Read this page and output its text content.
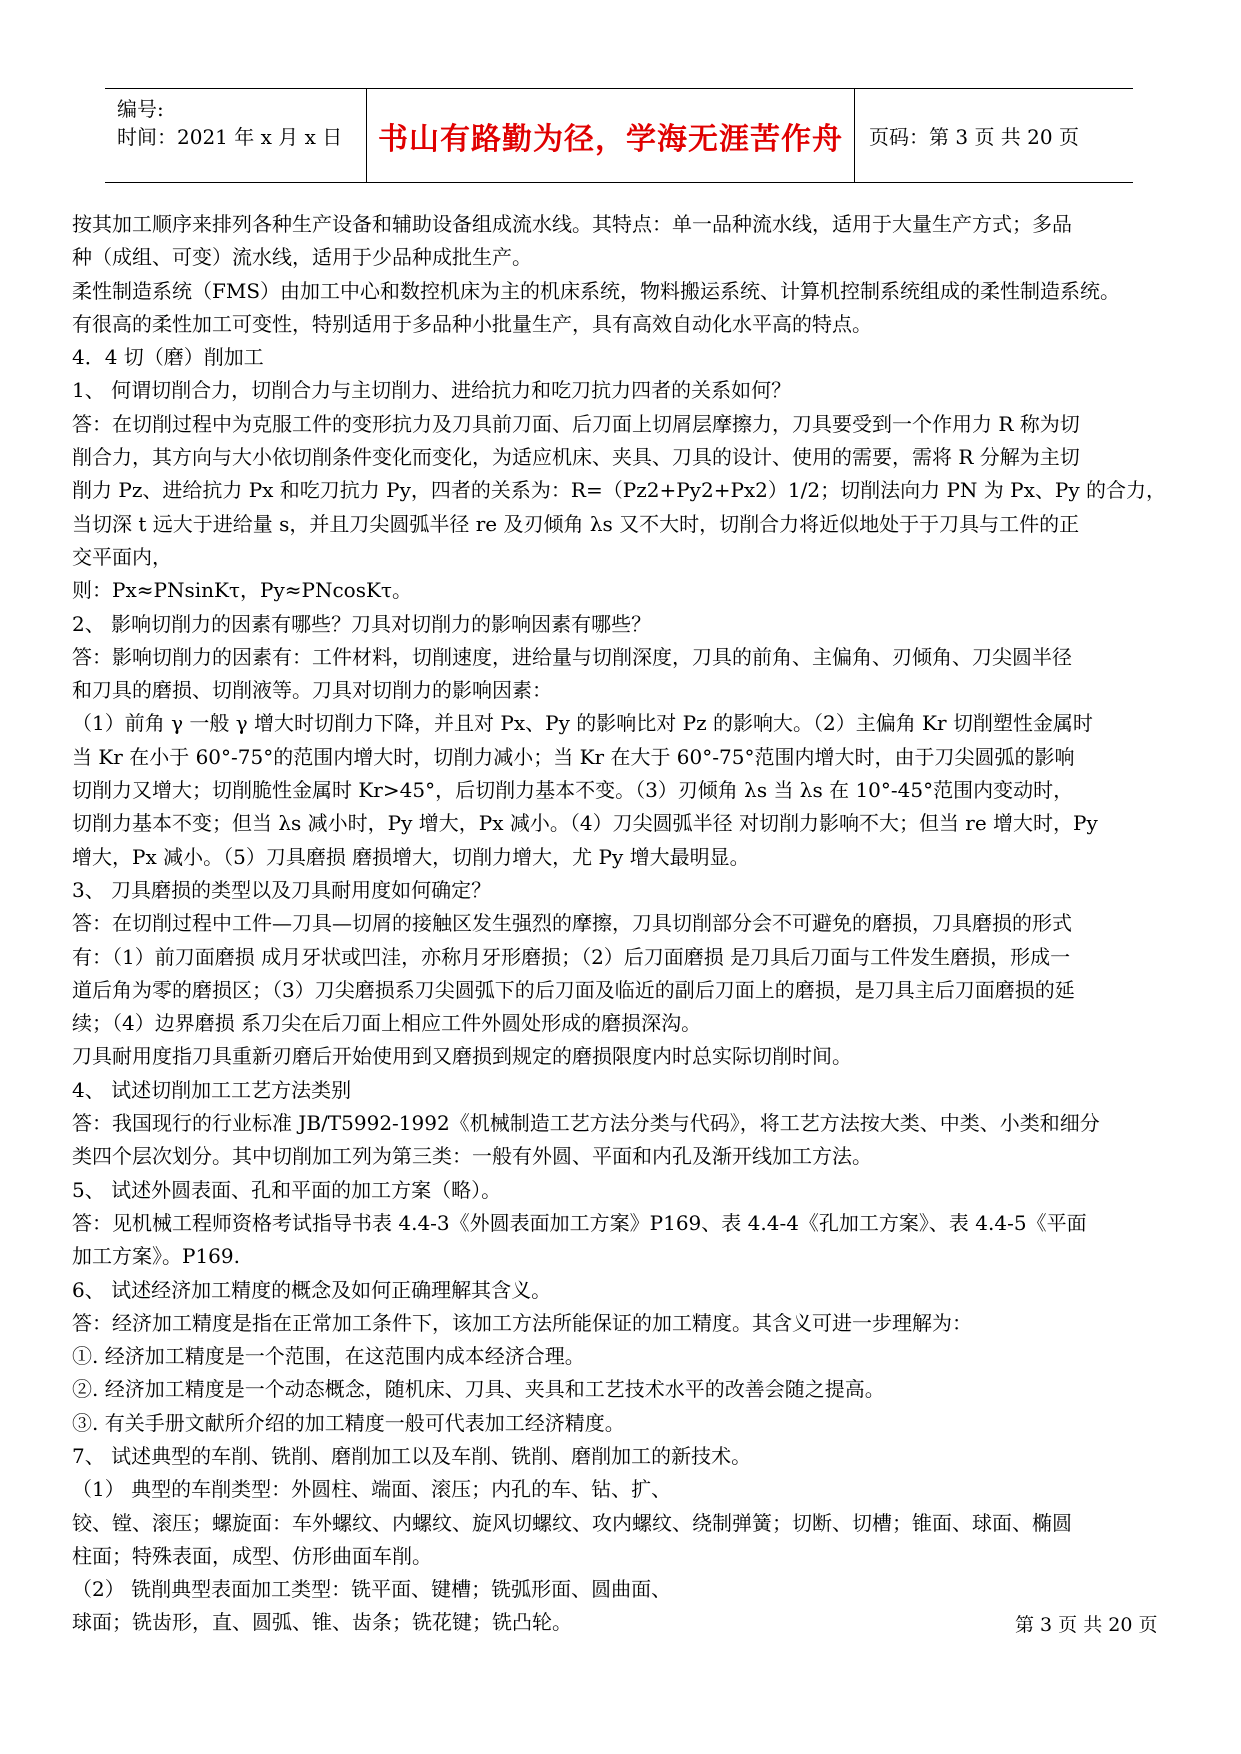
编号:
时间：2021 年 x 月 x 日	书山有路勤为径，学海无涯苦作舟 页码：第 3 页 共 20 页

按其加工顺序来排列各种生产设备和辅助设备组成流水线。其特点：单一品种流水线，适用于大量生产方式；多品

种（成组、可变）流水线，适用于少品种成批生产。

柔性制造系统（FMS）由加工中心和数控机床为主的机床系统，物料搬运系统、计算机控制系统组成的柔性制造系统。

有很高的柔性加工可变性，特别适用于多品种小批量生产，具有高效自动化水平高的特点。

4．4 切（磨）削加工

1、 何谓切削合力，切削合力与主切削力、进给抗力和吃刀抗力四者的关系如何？

答：在切削过程中为克服工件的变形抗力及刀具前刀面、后刀面上切屑层摩擦力，刀具要受到一个作用力 R 称为切

削合力，其方向与大小依切削条件变化而变化，为适应机床、夹具、刀具的设计、使用的需要，需将 R 分解为主切

削力 Pz、进给抗力 Px 和吃刀抗力 Py，四者的关系为：R=（Pz2+Py2+Px2）1/2；切削法向力 PN 为 Px、Py 的合力，

当切深 t 远大于进给量 s，并且刀尖圆弧半径 re 及刃倾角 λs 又不大时，切削合力将近似地处于于刀具与工件的正

交平面内，

则：Px≈PNsinKτ，Py≈PNcosKτ。

2、 影响切削力的因素有哪些？刀具对切削力的影响因素有哪些？

答：影响切削力的因素有：工件材料，切削速度，进给量与切削深度，刀具的前角、主偏角、刃倾角、刀尖圆半径

和刀具的磨损、切削液等。刀具对切削力的影响因素：

（1）前角 γ 一般 γ 增大时切削力下降，并且对 Px、Py 的影响比对 Pz 的影响大。（2）主偏角 Kr 切削塑性金属时

当 Kr 在小于 60°-75°的范围内增大时，切削力减小；当 Kr 在大于 60°-75°范围内增大时，由于刀尖圆弧的影响

切削力又增大；切削脆性金属时 Kr>45°，后切削力基本不变。（3）刃倾角 λs 当 λs 在 10°-45°范围内变动时，

切削力基本不变；但当 λs 减小时，Py 增大，Px 减小。（4）刀尖圆弧半径 对切削力影响不大；但当 re 增大时，Py

增大，Px 减小。（5）刀具磨损 磨损增大，切削力增大，尤 Py 增大最明显。

3、 刀具磨损的类型以及刀具耐用度如何确定？

答：在切削过程中工件—刀具—切屑的接触区发生强烈的摩擦，刀具切削部分会不可避免的磨损，刀具磨损的形式

有：（1）前刀面磨损 成月牙状或凹洼，亦称月牙形磨损；（2）后刀面磨损 是刀具后刀面与工件发生磨损，形成一

道后角为零的磨损区；（3）刀尖磨损系刀尖圆弧下的后刀面及临近的副后刀面上的磨损，是刀具主后刀面磨损的延

续；（4）边界磨损 系刀尖在后刀面上相应工件外圆处形成的磨损深沟。

刀具耐用度指刀具重新刃磨后开始使用到又磨损到规定的磨损限度内时总实际切削时间。

4、 试述切削加工工艺方法类别

答：我国现行的行业标准 JB/T5992-1992《机械制造工艺方法分类与代码》，将工艺方法按大类、中类、小类和细分

类四个层次划分。其中切削加工列为第三类：一般有外圆、平面和内孔及渐开线加工方法。

5、 试述外圆表面、孔和平面的加工方案（略）。

答：见机械工程师资格考试指导书表 4.4-3《外圆表面加工方案》P169、表 4.4-4《孔加工方案》、表 4.4-5《平面

加工方案》。P169.

6、 试述经济加工精度的概念及如何正确理解其含义。

答：经济加工精度是指在正常加工条件下，该加工方法所能保证的加工精度。其含义可进一步理解为：

①. 经济加工精度是一个范围，在这范围内成本经济合理。

②. 经济加工精度是一个动态概念，随机床、刀具、夹具和工艺技术水平的改善会随之提高。

③. 有关手册文献所介绍的加工精度一般可代表加工经济精度。

7、 试述典型的车削、铣削、磨削加工以及车削、铣削、磨削加工的新技术。

（1） 典型的车削类型：外圆柱、端面、滚压；内孔的车、钻、扩、

铰、镗、滚压；螺旋面：车外螺纹、内螺纹、旋风切螺纹、攻内螺纹、绕制弹簧；切断、切槽；锥面、球面、椭圆

柱面；特殊表面，成型、仿形曲面车削。

（2） 铣削典型表面加工类型：铣平面、键槽；铣弧形面、圆曲面、

球面；铣齿形，直、圆弧、锥、齿条；铣花键；铣凸轮。	第 3 页 共 20 页
